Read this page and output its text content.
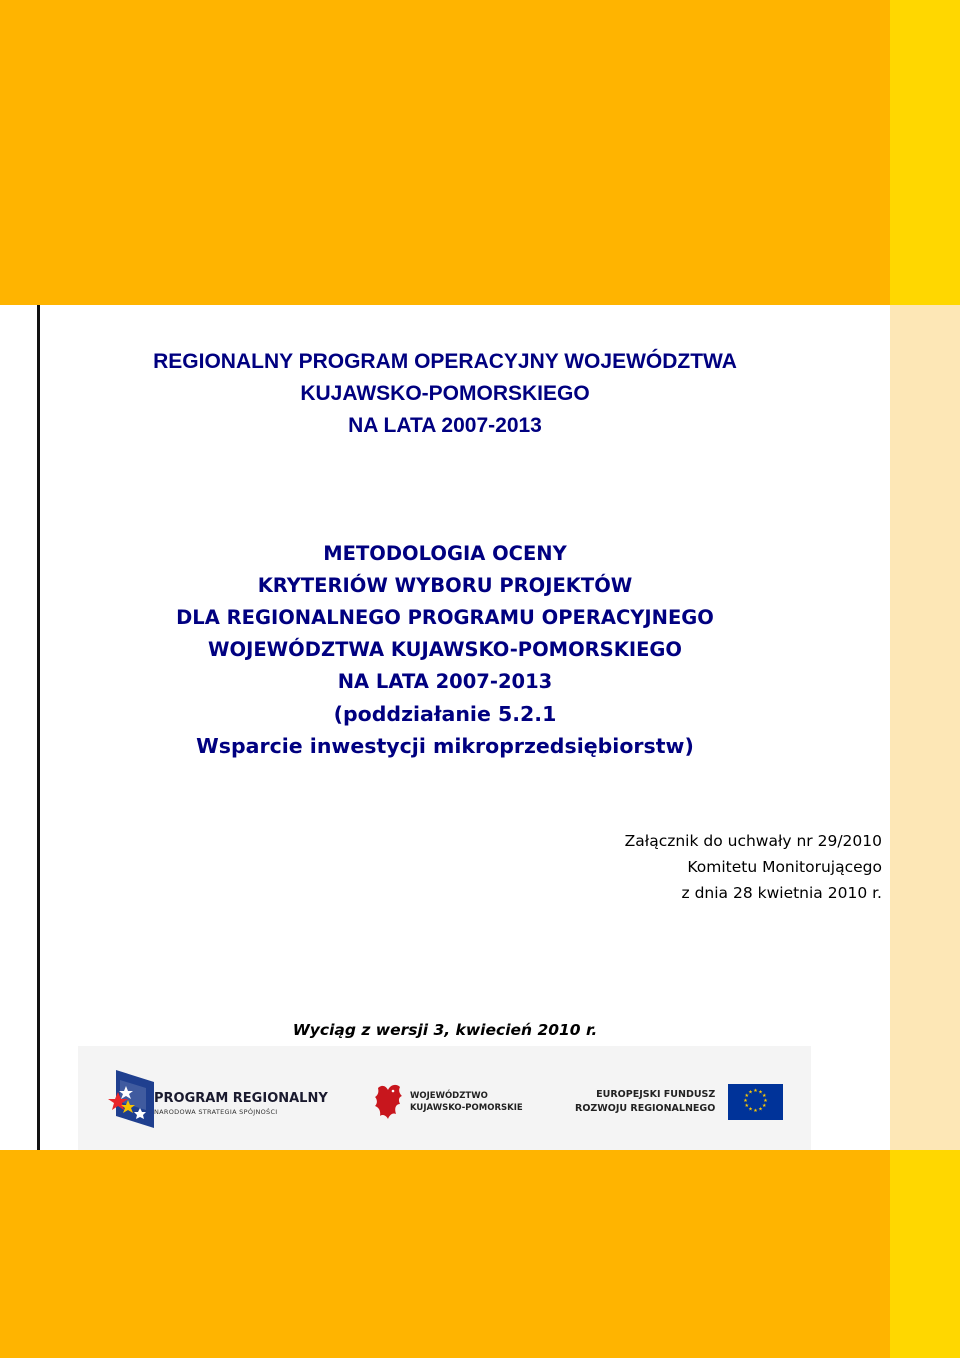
REGIONALNY PROGRAM OPERACYJNY WOJEWÓDZTWA
KUJAWSKO-POMORSKIEGO
NA LATA 2007-2013
METODOLOGIA OCENY
KRYTERIÓW WYBORU PROJEKTÓW
DLA REGIONALNEGO PROGRAMU OPERACYJNEGO
WOJEWÓDZTWA KUJAWSKO-POMORSKIEGO
NA LATA 2007-2013
(poddziałanie 5.2.1
Wsparcie inwestycji mikroprzedsiębiorstw)
Załącznik do uchwały nr 29/2010
Komitetu Monitorującego
z dnia 28 kwietnia 2010 r.
Wyciąg z wersji 3, kwiecień 2010 r.
PROGRAM REGIONALNY
NARODOWA STRATEGIA SPÓJNOŚCI
WOJEWÓDZTWO
KUJAWSKO-POMORSKIE
EUROPEJSKI FUNDUSZ
ROZWOJU REGIONALNEGO
★ ★
★
★
★
★
★
★
★
★
★
★
